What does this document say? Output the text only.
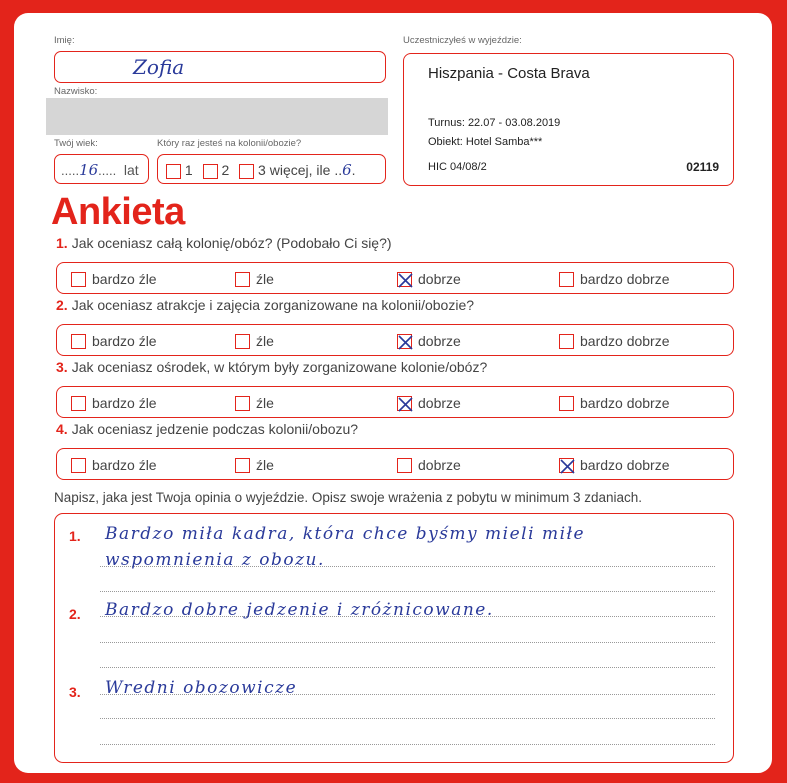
Imię:
Zofia
Nazwisko:
Twój wiek:
.....16..... lat
Który raz jesteś na kolonii/obozie?
1 2 3 więcej, ile ..6.
Uczestniczyłeś w wyjeździe:
Hiszpania - Costa Brava
Turnus: 22.07 - 03.08.2019
Obiekt: Hotel Samba***
HIC 04/08/2	02119
Ankieta
1. Jak oceniasz całą kolonię/obóz? (Podobało Ci się?)
bardzo źle	źle	dobrze	bardzo dobrze
2. Jak oceniasz atrakcje i zajęcia zorganizowane na kolonii/obozie?
bardzo źle	źle	dobrze	bardzo dobrze
3. Jak oceniasz ośrodek, w którym były zorganizowane kolonie/obóz?
bardzo źle	źle	dobrze	bardzo dobrze
4. Jak oceniasz jedzenie podczas kolonii/obozu?
bardzo źle	źle	dobrze	bardzo dobrze
Napisz, jaka jest Twoja opinia o wyjeździe. Opisz swoje wrażenia z pobytu w minimum 3 zdaniach.
1. Bardzo miła kadra, która chce byśmy mieli miłe
wspomnienia z obozu.
2. Bardzo dobre jedzenie i zróżnicowane.
3. Wredni obozowicze
